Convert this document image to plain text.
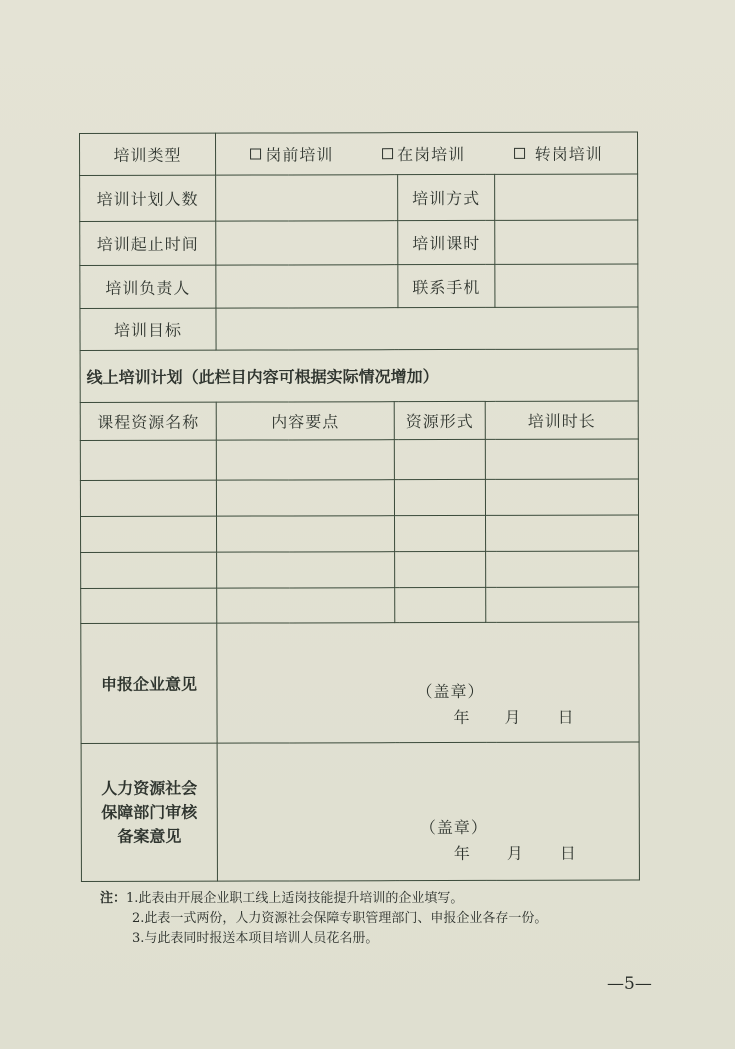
培训类型	岗前培训 在岗培训 转岗培训				

培训计划人数			培训方式		
培训起止时间			培训课时		
培训负责人			联系手机		
培训目标					
线上培训计划（此栏目内容可根据实际情况增加）					
课程资源名称	内容要点	资源形式		培训时长	

申报企业意见	（盖章）
年 月 日				

人力资源社会
保障部门审核
备案意见	（盖章）
年 月 日
注：1.此表由开展企业职工线上适岗技能提升培训的企业填写。
2.此表一式两份，人力资源社会保障专职管理部门、申报企业各存一份。
3.与此表同时报送本项目培训人员花名册。
—5—
